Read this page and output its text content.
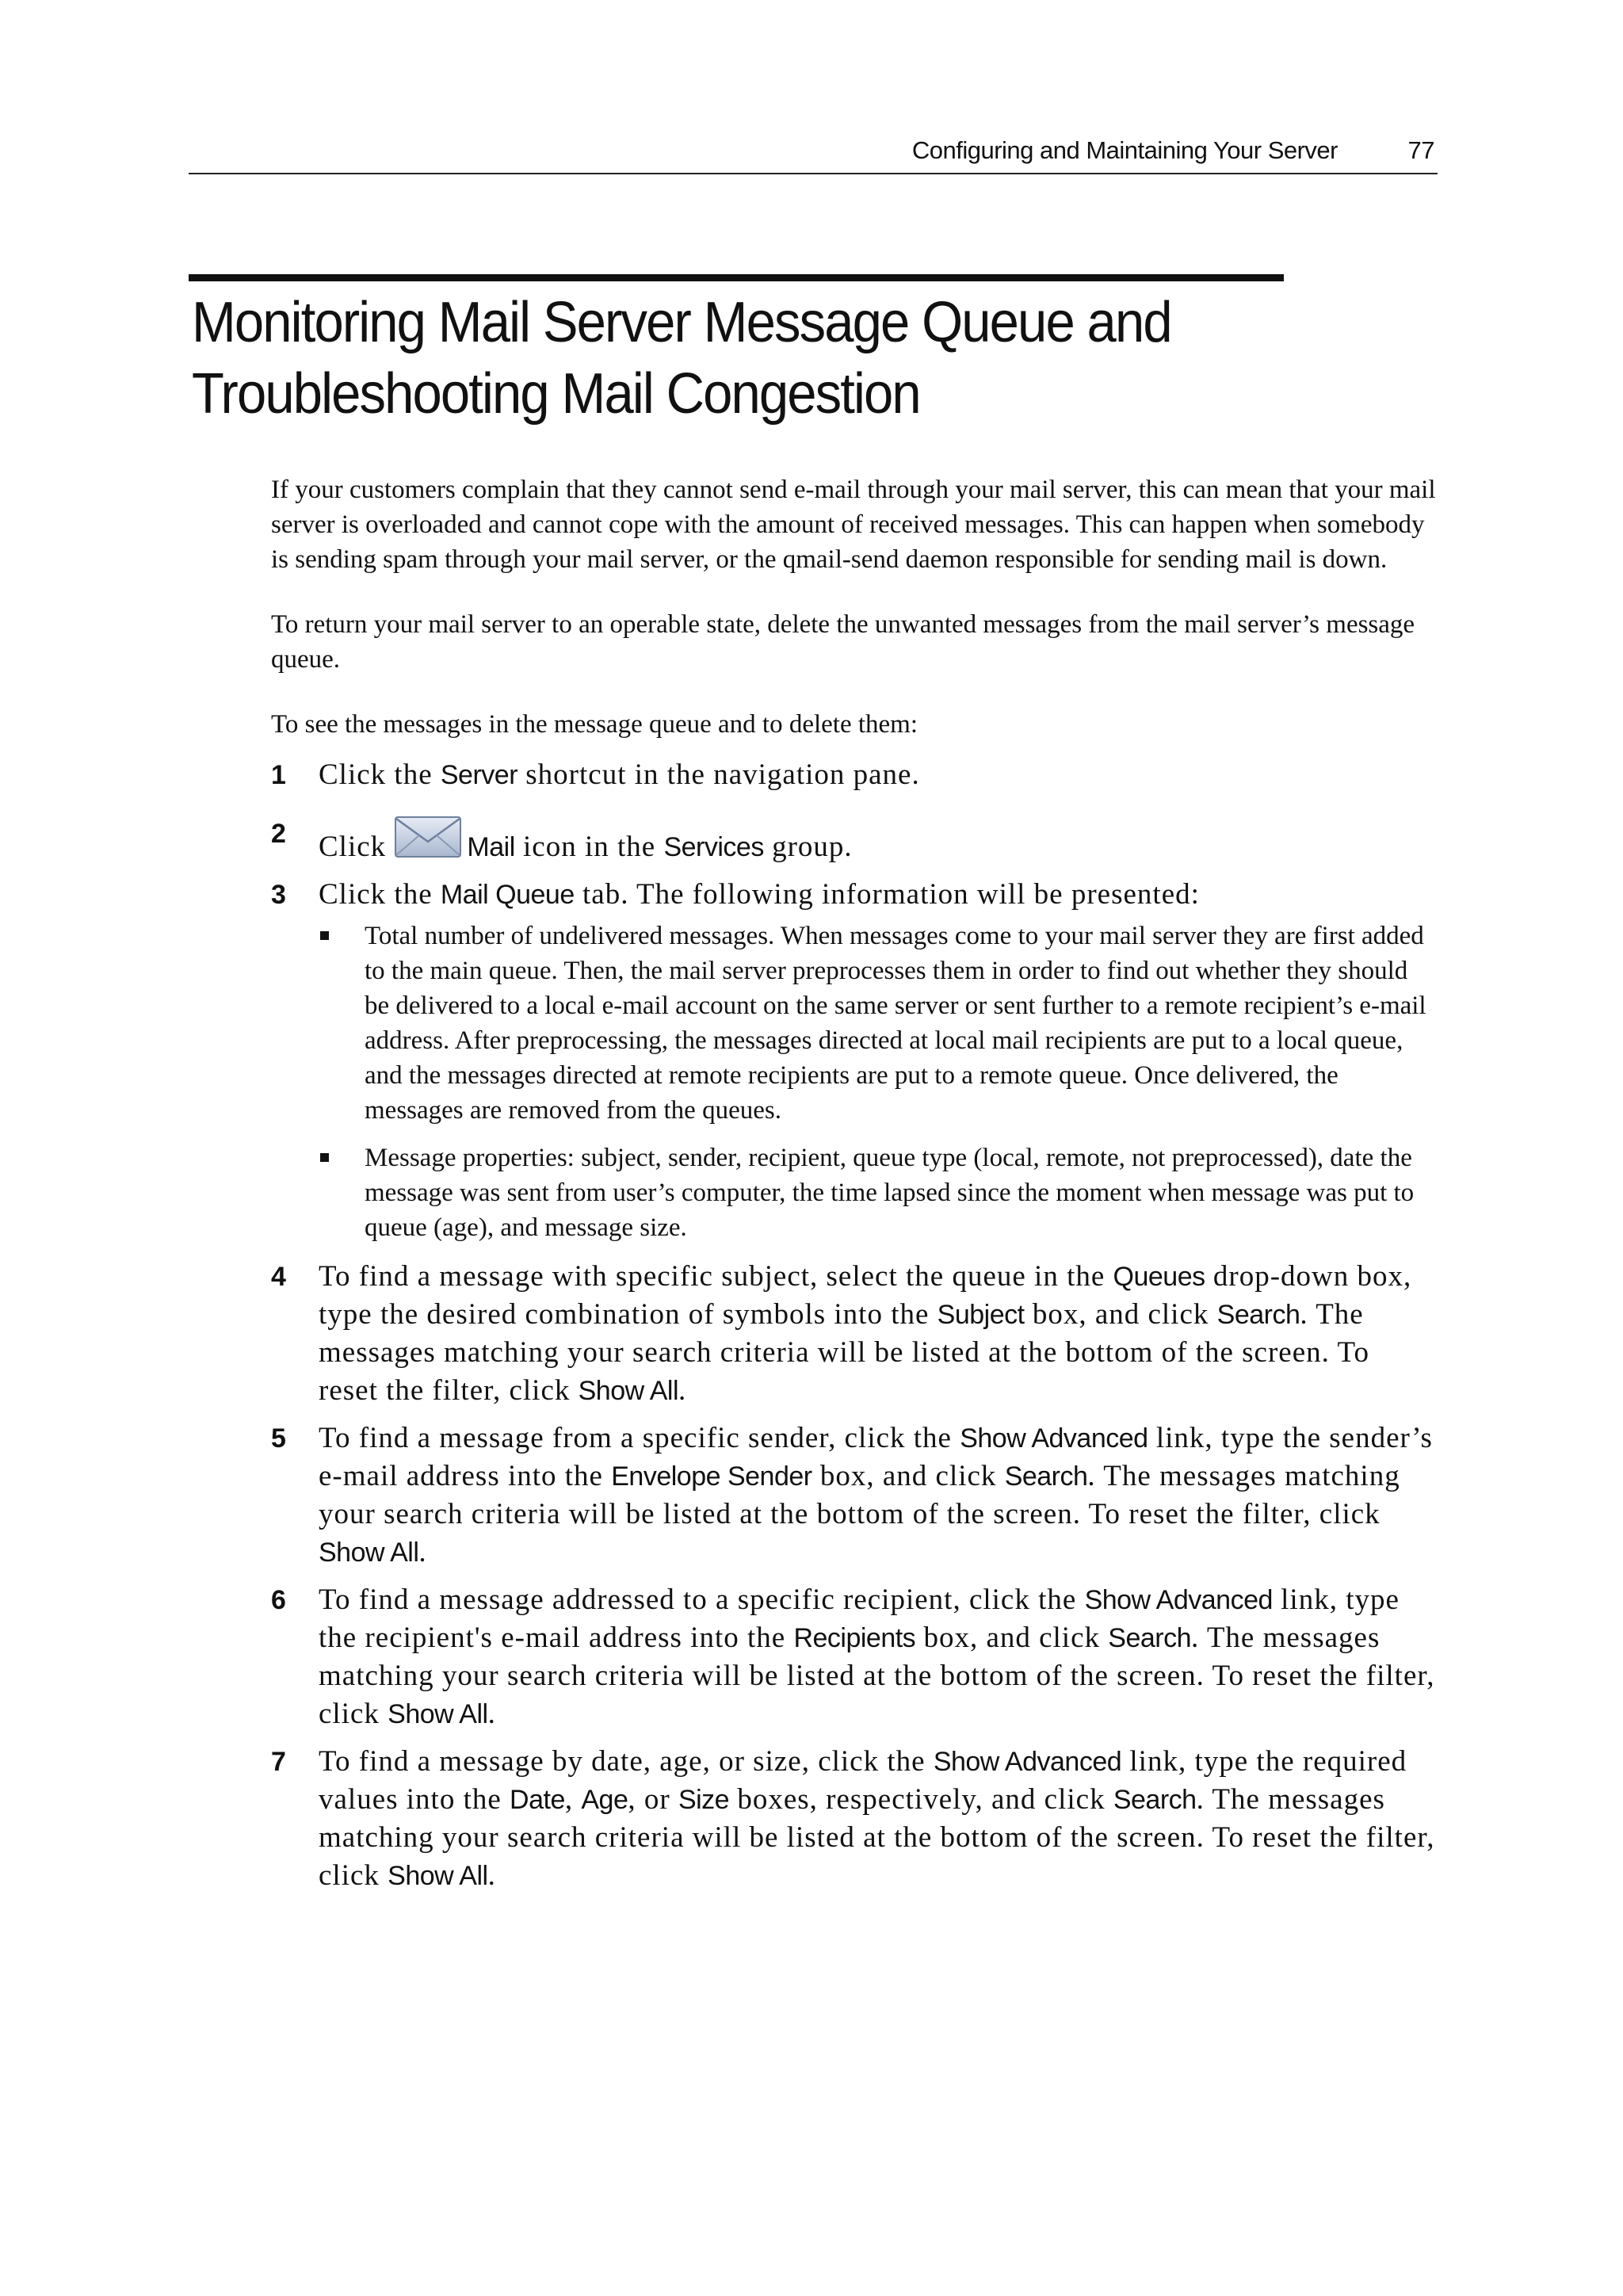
Configuring and Maintaining Your Server	77
Monitoring Mail Server Message Queue and
Troubleshooting Mail Congestion

If your customers complain that they cannot send e-mail through your mail server, this can mean that your mail server is overloaded and cannot cope with the amount of received messages. This can happen when somebody is sending spam through your mail server, or the qmail-send daemon responsible for sending mail is down.

To return your mail server to an operable state, delete the unwanted messages from the mail server’s message queue.

To see the messages in the message queue and to delete them:

1 Click the Server shortcut in the navigation pane.
2 Click	Mail icon in the Services group.
3 Click the Mail Queue tab. The following information will be presented:
Total number of undelivered messages. When messages come to your mail server they are first added to the main queue. Then, the mail server preprocesses them in order to find out whether they should be delivered to a local e-mail account on the same server or sent further to a remote recipient’s e-mail address. After preprocessing, the messages directed at local mail recipients are put to a local queue, and the messages directed at remote recipients are put to a remote queue. Once delivered, the messages are removed from the queues.
Message properties: subject, sender, recipient, queue type (local, remote, not preprocessed), date the message was sent from user’s computer, the time lapsed since the moment when message was put to queue (age), and message size.
4 To find a message with specific subject, select the queue in the Queues drop-down box, type the desired combination of symbols into the Subject box, and click Search. The messages matching your search criteria will be listed at the bottom of the screen. To reset the filter, click Show All.
5 To find a message from a specific sender, click the Show Advanced link, type the sender’s e-mail address into the Envelope Sender box, and click Search. The messages matching your search criteria will be listed at the bottom of the screen. To reset the filter, click Show All.
6 To find a message addressed to a specific recipient, click the Show Advanced link, type the recipient's e-mail address into the Recipients box, and click Search. The messages matching your search criteria will be listed at the bottom of the screen. To reset the filter, click Show All.
7 To find a message by date, age, or size, click the Show Advanced link, type the required values into the Date, Age, or Size boxes, respectively, and click Search. The messages matching your search criteria will be listed at the bottom of the screen. To reset the filter, click Show All.
